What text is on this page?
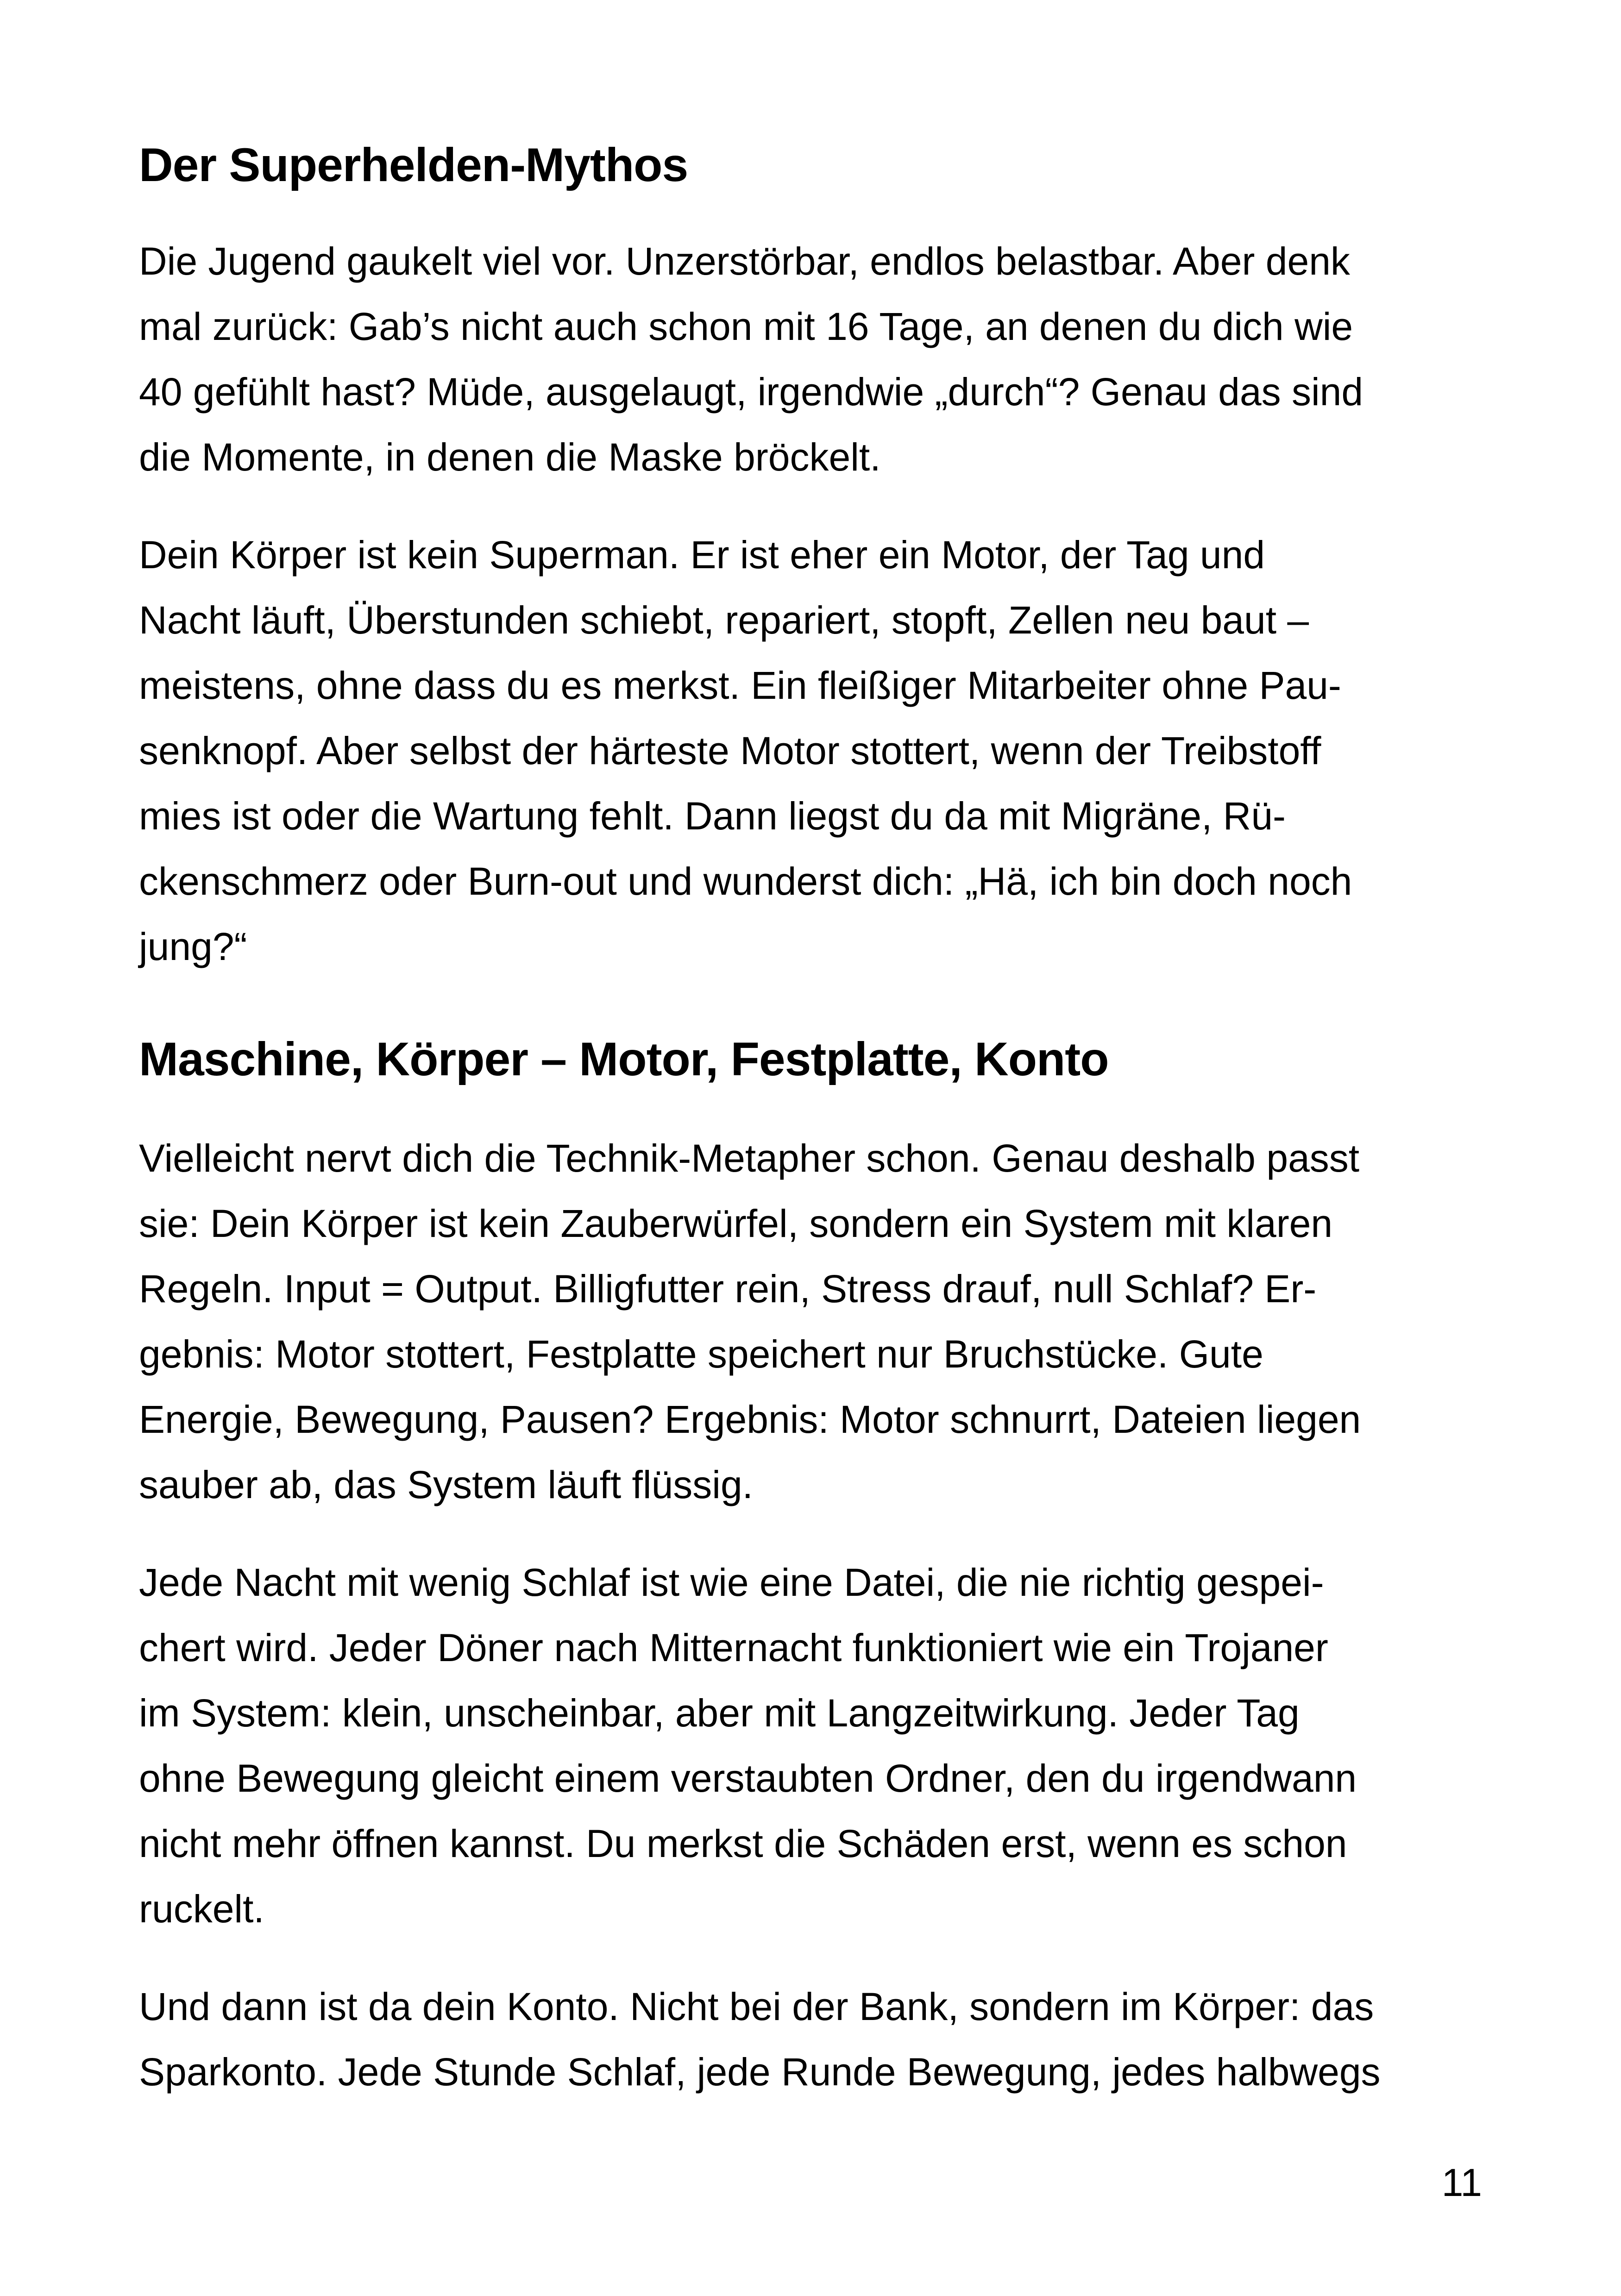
Der Superhelden-Mythos

Die Jugend gaukelt viel vor. Unzerstörbar, endlos belastbar. Aber denk
mal zurück: Gab’s nicht auch schon mit 16 Tage, an denen du dich wie
40 gefühlt hast? Müde, ausgelaugt, irgendwie „durch“? Genau das sind
die Momente, in denen die Maske bröckelt.

Dein Körper ist kein Superman. Er ist eher ein Motor, der Tag und
Nacht läuft, Überstunden schiebt, repariert, stopft, Zellen neu baut –
meistens, ohne dass du es merkst. Ein fleißiger Mitarbeiter ohne Pau-
senknopf. Aber selbst der härteste Motor stottert, wenn der Treibstoff
mies ist oder die Wartung fehlt. Dann liegst du da mit Migräne, Rü-
ckenschmerz oder Burn-out und wunderst dich: „Hä, ich bin doch noch
jung?“

Maschine, Körper – Motor, Festplatte, Konto

Vielleicht nervt dich die Technik-Metapher schon. Genau deshalb passt
sie: Dein Körper ist kein Zauberwürfel, sondern ein System mit klaren
Regeln. Input = Output. Billigfutter rein, Stress drauf, null Schlaf? Er-
gebnis: Motor stottert, Festplatte speichert nur Bruchstücke. Gute
Energie, Bewegung, Pausen? Ergebnis: Motor schnurrt, Dateien liegen
sauber ab, das System läuft flüssig.

Jede Nacht mit wenig Schlaf ist wie eine Datei, die nie richtig gespei-
chert wird. Jeder Döner nach Mitternacht funktioniert wie ein Trojaner
im System: klein, unscheinbar, aber mit Langzeitwirkung. Jeder Tag
ohne Bewegung gleicht einem verstaubten Ordner, den du irgendwann
nicht mehr öffnen kannst. Du merkst die Schäden erst, wenn es schon
ruckelt.

Und dann ist da dein Konto. Nicht bei der Bank, sondern im Körper: das
Sparkonto. Jede Stunde Schlaf, jede Runde Bewegung, jedes halbwegs

11
